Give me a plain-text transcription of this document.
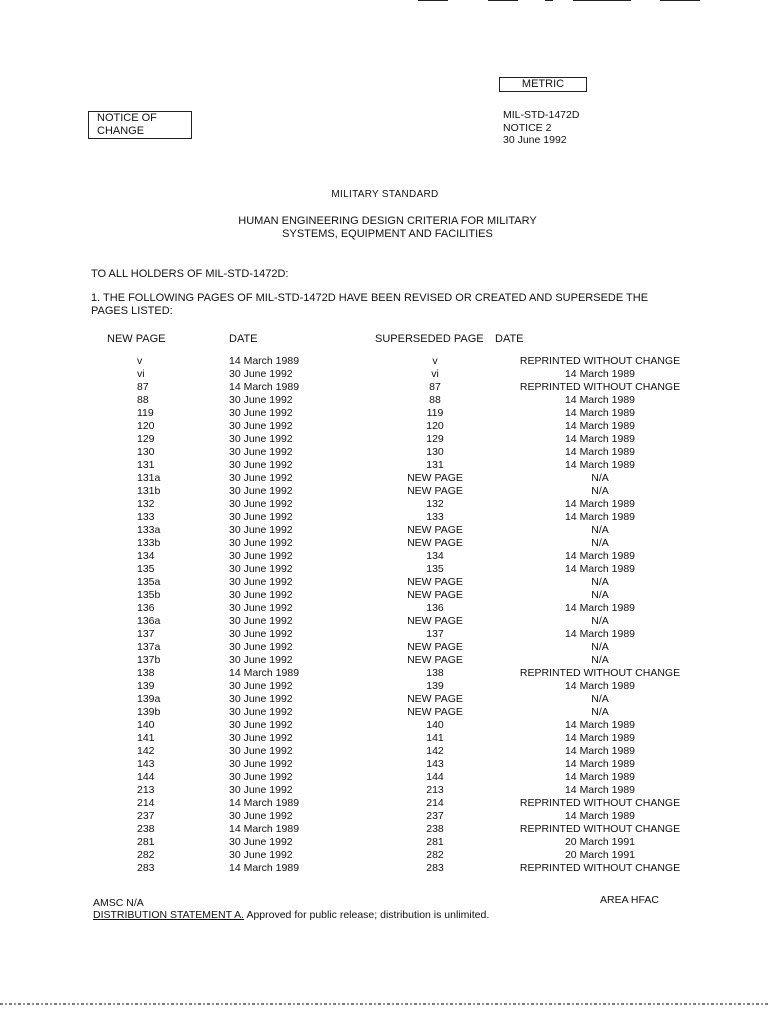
METRIC
NOTICE OF
CHANGE
MIL-STD-1472D
NOTICE 2
30 June 1992
MILITARY STANDARD
HUMAN ENGINEERING DESIGN CRITERIA FOR MILITARY
SYSTEMS, EQUIPMENT AND FACILITIES
TO ALL HOLDERS OF MIL-STD-1472D:
1. THE FOLLOWING PAGES OF MIL-STD-1472D HAVE BEEN REVISED OR CREATED AND SUPERSEDE THE
PAGES LISTED:
NEW PAGE	DATE	SUPERSEDED PAGE	DATE
v	14 March 1989	v	REPRINTED WITHOUT CHANGE
vi	30 June 1992	vi	14 March 1989
87	14 March 1989	87	REPRINTED WITHOUT CHANGE
88	30 June 1992	88	14 March 1989
119	30 June 1992	119	14 March 1989
120	30 June 1992	120	14 March 1989
129	30 June 1992	129	14 March 1989
130	30 June 1992	130	14 March 1989
131	30 June 1992	131	14 March 1989
131a	30 June 1992	NEW PAGE	N/A
131b	30 June 1992	NEW PAGE	N/A
132	30 June 1992	132	14 March 1989
133	30 June 1992	133	14 March 1989
133a	30 June 1992	NEW PAGE	N/A
133b	30 June 1992	NEW PAGE	N/A
134	30 June 1992	134	14 March 1989
135	30 June 1992	135	14 March 1989
135a	30 June 1992	NEW PAGE	N/A
135b	30 June 1992	NEW PAGE	N/A
136	30 June 1992	136	14 March 1989
136a	30 June 1992	NEW PAGE	N/A
137	30 June 1992	137	14 March 1989
137a	30 June 1992	NEW PAGE	N/A
137b	30 June 1992	NEW PAGE	N/A
138	14 March 1989	138	REPRINTED WITHOUT CHANGE
139	30 June 1992	139	14 March 1989
139a	30 June 1992	NEW PAGE	N/A
139b	30 June 1992	NEW PAGE	N/A
140	30 June 1992	140	14 March 1989
141	30 June 1992	141	14 March 1989
142	30 June 1992	142	14 March 1989
143	30 June 1992	143	14 March 1989
144	30 June 1992	144	14 March 1989
213	30 June 1992	213	14 March 1989
214	14 March 1989	214	REPRINTED WITHOUT CHANGE
237	30 June 1992	237	14 March 1989
238	14 March 1989	238	REPRINTED WITHOUT CHANGE
281	30 June 1992	281	20 March 1991
282	30 June 1992	282	20 March 1991
283	14 March 1989	283	REPRINTED WITHOUT CHANGE
AMSC N/A	AREA HFAC
DISTRIBUTION STATEMENT A. Approved for public release; distribution is unlimited.
